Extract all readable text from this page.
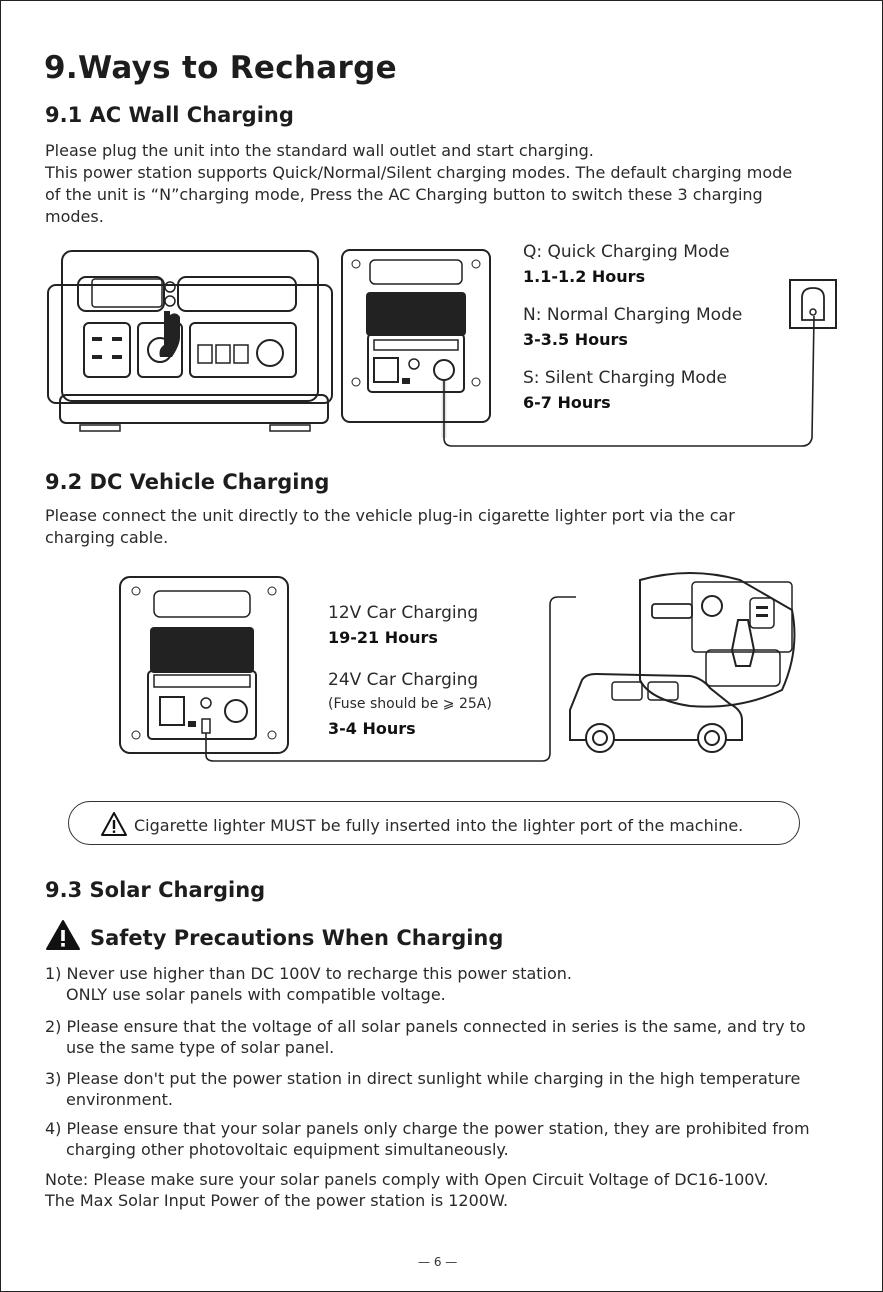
9.Ways to Recharge
9.1 AC Wall Charging
Please plug the unit into the standard wall outlet and start charging.
This power station supports Quick/Normal/Silent charging modes. The default charging mode
of the unit is “N”charging mode, Press the AC Charging button to switch these 3 charging
modes.
Q: Quick Charging Mode
1.1-1.2 Hours
N: Normal Charging Mode
3-3.5 Hours
S: Silent Charging Mode
6-7 Hours
9.2 DC Vehicle Charging
Please connect the unit directly to the vehicle plug-in cigarette lighter port via the car
charging cable.
12V Car Charging
19-21 Hours
24V Car Charging
(Fuse should be ⩾ 25A)
3-4 Hours
Cigarette lighter MUST be fully inserted into the lighter port of the machine.
9.3 Solar Charging
Safety Precautions When Charging
1) Never use higher than DC 100V to recharge this power station.
ONLY use solar panels with compatible voltage.
2) Please ensure that the voltage of all solar panels connected in series is the same, and try to
use the same type of solar panel.
3) Please don't put the power station in direct sunlight while charging in the high temperature
environment.
4) Please ensure that your solar panels only charge the power station, they are prohibited from
charging other photovoltaic equipment simultaneously.
Note: Please make sure your solar panels comply with Open Circuit Voltage of DC16-100V.
The Max Solar Input Power of the power station is 1200W.
— 6 —
